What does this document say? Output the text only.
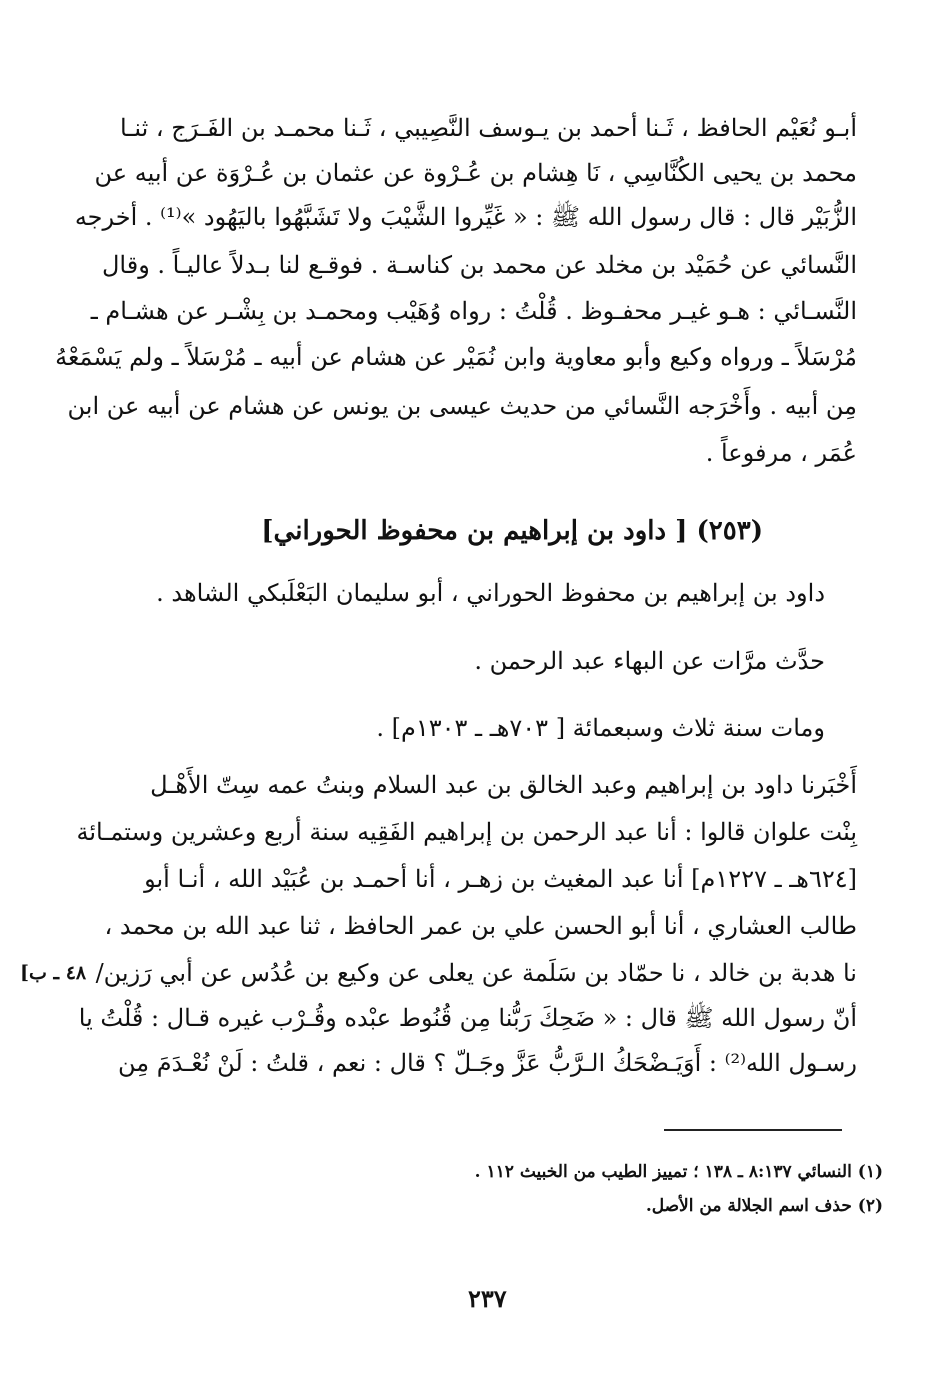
أبـو نُعَيْم الحافظ ، ثَـنا أحمد بن يـوسف النَّصِيبي ، ثَـنا محمـد بن الفَـرَج ، ثنـا
محمد بن يحيى الكُنَّاسِي ، نَا هِشام بن عُـرْوة عن عثمان بن عُـرْوَة عن أبيه عن
الزُّبَيْر قال : قال رسول الله ﷺ : « غَيِّروا الشَّيْبَ ولا تَشَبَّهُوا باليَهُود »⁽¹⁾ . أخرجه
النَّسائي عن حُمَيْد بن مخلد عن محمد بن كناسـة . فوقـع لنا بـدلاً عاليـاً . وقال
النَّسـائي : هـو غيـر محفـوظ . قُلْتُ : رواه وُهَيْب ومحمـد بن بِشْـر عن هشـام ـ
مُرْسَلاً ـ ورواه وكيع وأبو معاوية وابن نُمَيْر عن هشام عن أبيه ـ مُرْسَلاً ـ ولم يَسْمَعْهُ
مِن أبيه . وأَخْرَجه النَّسائي من حديث عيسى بن يونس عن هشام عن أبيه عن ابن
عُمَر ، مرفوعاً .
(٢٥٣) [ داود بن إبراهيم بن محفوظ الحوراني]
داود بن إبراهيم بن محفوظ الحوراني ، أبو سليمان البَعْلَبكي الشاهد .
حدَّث مرَّات عن البهاء عبد الرحمن .
ومات سنة ثلاث وسبعمائة [ ٧٠٣هـ ـ ١٣٠٣م] .
أَخْبَرنا داود بن إبراهيم وعبد الخالق بن عبد السلام وبنتُ عمه سِتّ الأَهْـل
بِنْت علوان قالوا : أنا عبد الرحمن بن إبراهيم الفَقِيه سنة أربع وعشرين وستمـائة
[٦٢٤هـ ـ ١٢٢٧م] أنا عبد المغيث بن زهـر ، أنا أحمـد بن عُبَيْد الله ، أنـا أبو
طالب العشاري ، أنا أبو الحسن علي بن عمر الحافظ ، ثنا عبد الله بن محمد ،
نا هدبة بن خالد ، نا حمّاد بن سَلَمة عن يعلى عن وكيع بن عُدُس عن أبي رَزين/
أنّ رسول الله ﷺ قال : « ضَحِكَ رَبُّنا مِن قُنُوط عبْده وقُـرْب غيره قـال : قُلْتُ يا
رسـول الله⁽²⁾ : أَوَيَـضْحَكُ الـرَّبُّ عَزَّ وجَـلّ ؟ قال : نعم ، قلتُ : لَنْ نُعْـدَمَ مِن
[٤٨ ـ ب
(١) النسائي ٨:١٣٧ ـ ١٣٨ ؛ تمييز الطيب من الخبيث ١١٢ .
(٢) حذف اسم الجلالة من الأصل.
٢٣٧
